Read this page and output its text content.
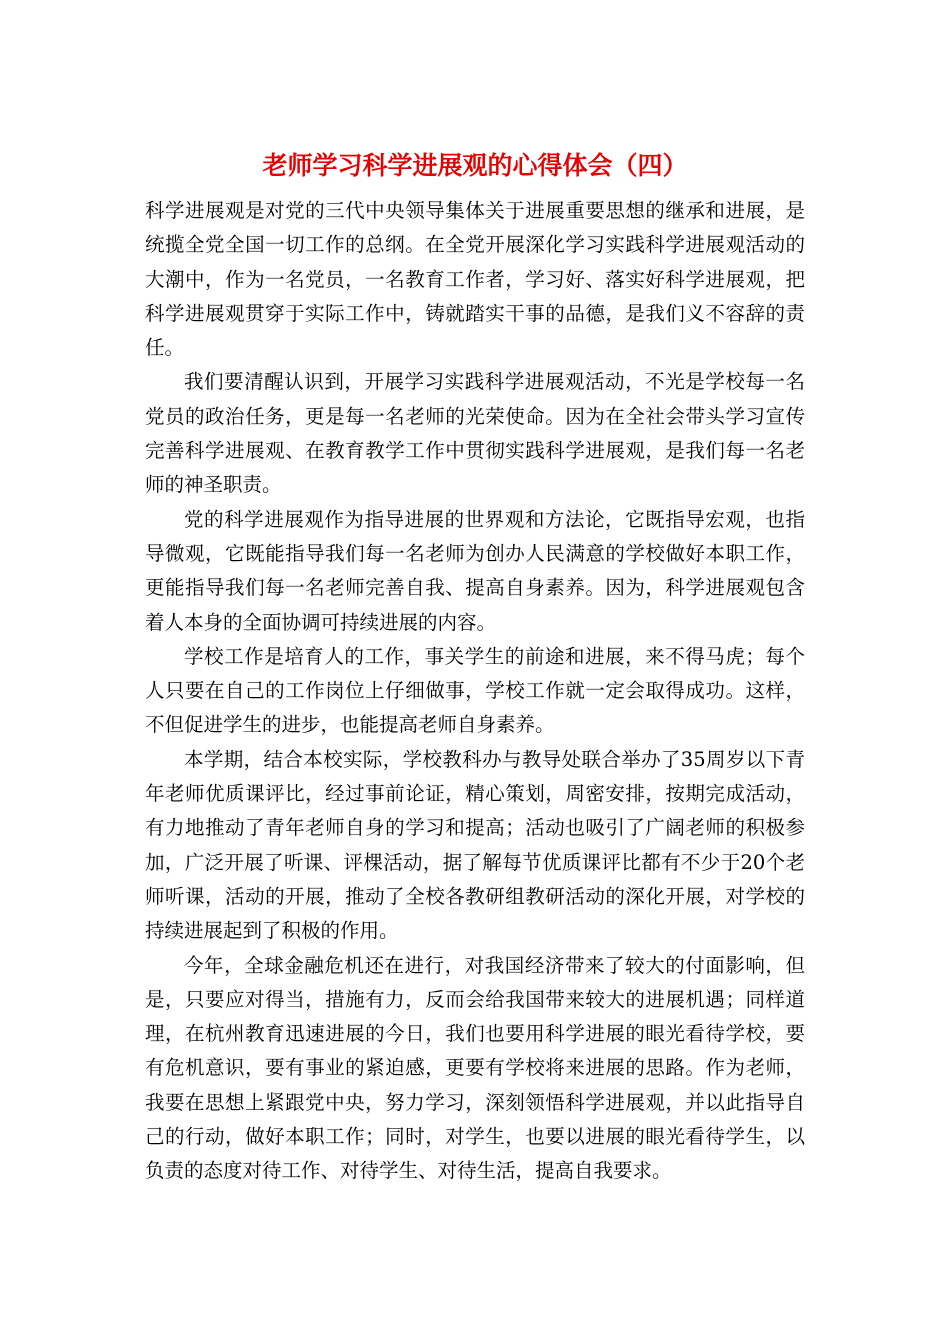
老师学习科学进展观的心得体会（四）

科学进展观是对党的三代中央领导集体关于进展重要思想的继承和进展，是统揽全党全国一切工作的总纲。在全党开展深化学习实践科学进展观活动的大潮中，作为一名党员，一名教育工作者，学习好、落实好科学进展观，把科学进展观贯穿于实际工作中，铸就踏实干事的品德，是我们义不容辞的责任。

我们要清醒认识到，开展学习实践科学进展观活动，不光是学校每一名党员的政治任务，更是每一名老师的光荣使命。因为在全社会带头学习宣传完善科学进展观、在教育教学工作中贯彻实践科学进展观，是我们每一名老师的神圣职责。

党的科学进展观作为指导进展的世界观和方法论，它既指导宏观，也指导微观，它既能指导我们每一名老师为创办人民满意的学校做好本职工作，更能指导我们每一名老师完善自我、提高自身素养。因为，科学进展观包含着人本身的全面协调可持续进展的内容。

学校工作是培育人的工作，事关学生的前途和进展，来不得马虎；每个人只要在自己的工作岗位上仔细做事，学校工作就一定会取得成功。这样，不但促进学生的进步，也能提高老师自身素养。

本学期，结合本校实际，学校教科办与教导处联合举办了35周岁以下青年老师优质课评比，经过事前论证，精心策划，周密安排，按期完成活动，有力地推动了青年老师自身的学习和提高；活动也吸引了广阔老师的积极参加，广泛开展了听课、评棵活动，据了解每节优质课评比都有不少于20个老师听课，活动的开展，推动了全校各教研组教研活动的深化开展，对学校的持续进展起到了积极的作用。

今年，全球金融危机还在进行，对我国经济带来了较大的付面影响，但是，只要应对得当，措施有力，反而会给我国带来较大的进展机遇；同样道理，在杭州教育迅速进展的今日，我们也要用科学进展的眼光看待学校，要有危机意识，要有事业的紧迫感，更要有学校将来进展的思路。作为老师，我要在思想上紧跟党中央，努力学习，深刻领悟科学进展观，并以此指导自己的行动，做好本职工作；同时，对学生，也要以进展的眼光看待学生，以负责的态度对待工作、对待学生、对待生活，提高自我要求。
